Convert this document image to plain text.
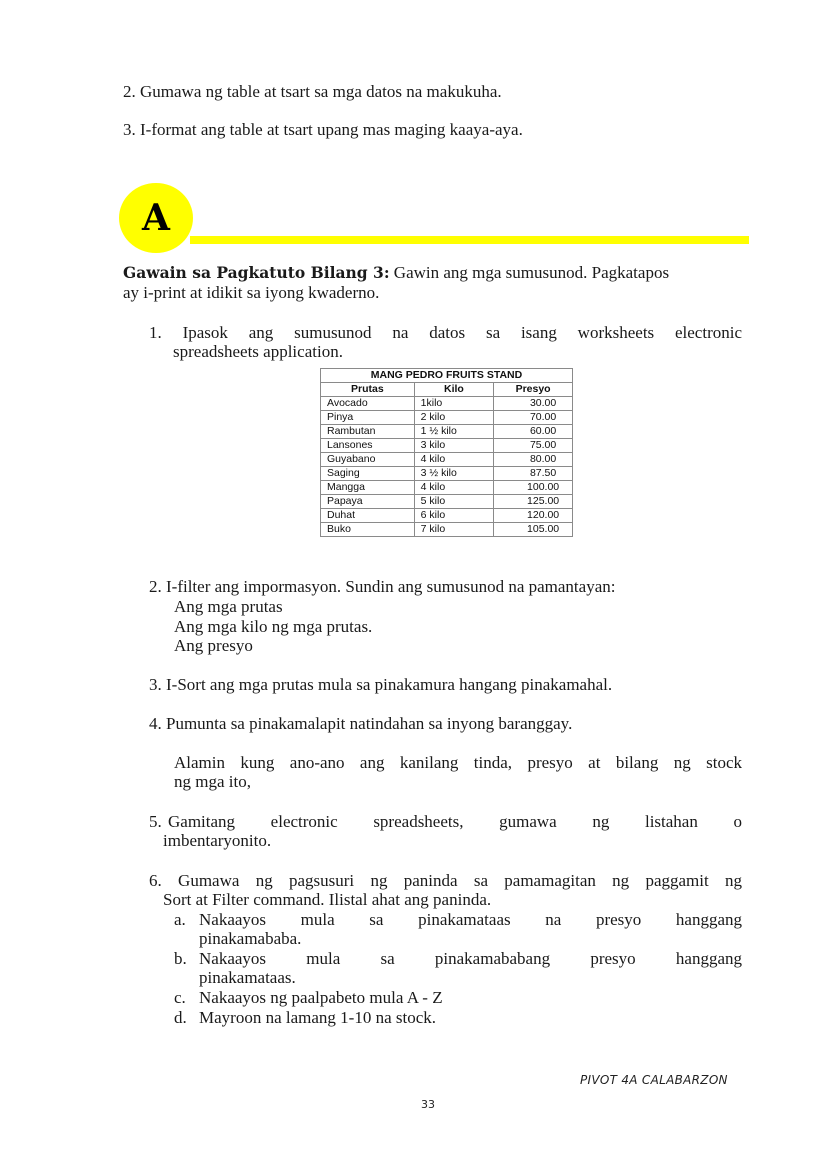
2. Gumawa ng table at tsart sa mga datos na makukuha.
3. I-format ang table at tsart upang mas maging kaaya-aya.
A
Gawain sa Pagkatuto Bilang 3: Gawin ang mga sumusunod. Pagkatapos
ay i-print at idikit sa iyong kwaderno.
1. Ipasok ang sumusunod na datos sa isang worksheets electronic
spreadsheets application.
MANG PEDRO FRUITS STAND		
Prutas	Kilo	Presyo
Avocado	1kilo	30.00
Pinya	2 kilo	70.00
Rambutan	1 ½ kilo	60.00
Lansones	3 kilo	75.00
Guyabano	4 kilo	80.00
Saging	3 ½ kilo	87.50
Mangga	4 kilo	100.00
Papaya	5 kilo	125.00
Duhat	6 kilo	120.00
Buko	7 kilo	105.00
2. I-filter ang impormasyon. Sundin ang sumusunod na pamantayan:
Ang mga prutas
Ang mga kilo ng mga prutas.
Ang presyo
3. I-Sort ang mga prutas mula sa pinakamura hangang pinakamahal.
4. Pumunta sa pinakamalapit natindahan sa inyong baranggay.
Alamin kung ano-ano ang kanilang tinda, presyo at bilang ng stock
ng mga ito,
5. Gamitang electronic spreadsheets, gumawa ng listahan o
imbentaryonito.
6. Gumawa ng pagsusuri ng paninda sa pamamagitan ng paggamit ng
Sort at Filter command. Ilistal ahat ang paninda.
a. Nakaayos mula sa pinakamataas na presyo hanggang
pinakamababa.
b. Nakaayos mula sa pinakamababang presyo hanggang
pinakamataas.
c. Nakaayos ng paalpabeto mula A - Z
d. Mayroon na lamang 1-10 na stock.
PIVOT 4A CALABARZON
33
